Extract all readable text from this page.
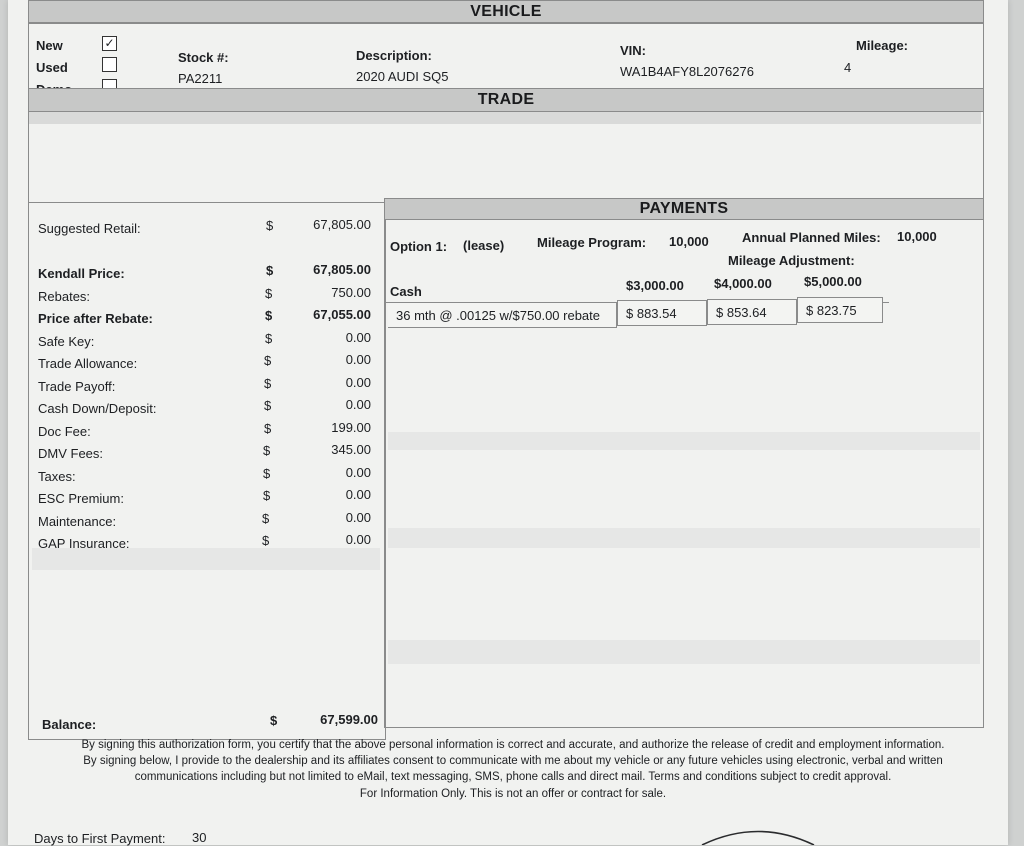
VEHICLE
New	✓
Used
Stock #:
PA2211
Description:
2020 AUDI SQ5
VIN:
WA1B4AFY8L2076276
Mileage:
4
TRADE
PAYMENTS
Suggested Retail:	$	67,805.00
Kendall Price:	$	67,805.00
Rebates:	$	750.00
Price after Rebate:	$	67,055.00
Safe Key:	$	0.00
Trade Allowance:	$	0.00
Trade Payoff:	$	0.00
Cash Down/Deposit:	$	0.00
Doc Fee:	$	199.00
DMV Fees:	$	345.00
Taxes:	$	0.00
ESC Premium:	$	0.00
Maintenance:	$	0.00
GAP Insurance:	$	0.00
Balance:	$	67,599.00
Option 1: (lease)	Mileage Program: 10,000	Annual Planned Miles: 10,000
Mileage Adjustment:
Cash	$3,000.00 $4,000.00 $5,000.00
36 mth @ .00125 w/$750.00 rebate	$ 883.54	$ 853.64	$ 823.75
By signing this authorization form, you certify that the above personal information is correct and accurate, and authorize the release of credit and employment information.
By signing below, I provide to the dealership and its affiliates consent to communicate with me about my vehicle or any future vehicles using electronic, verbal and written
communications including but not limited to eMail, text messaging, SMS, phone calls and direct mail. Terms and conditions subject to credit approval.
For Information Only. This is not an offer or contract for sale.
Days to First Payment: 30
